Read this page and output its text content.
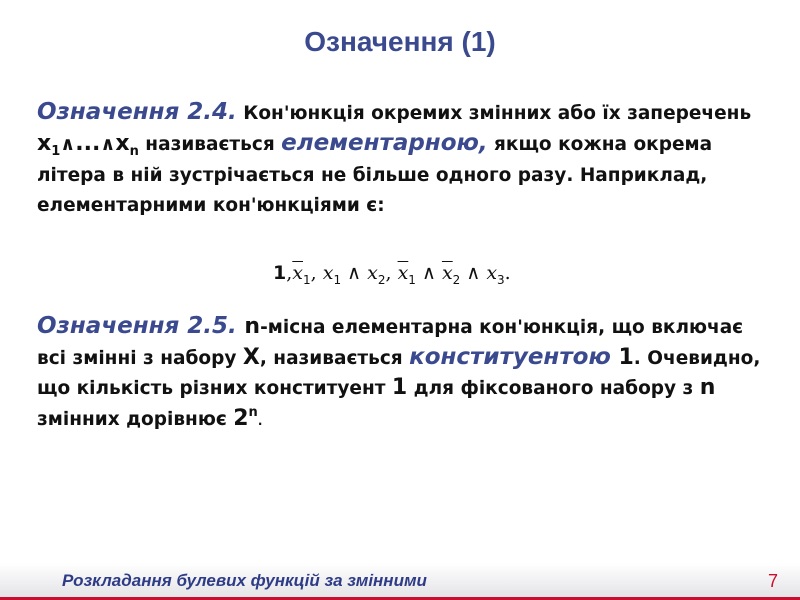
Означення (1)

Означення 2.4. Кон'юнкція окремих змінних або їх заперечень $x_1\wedge...\wedge x_n$ називається елементарною, якщо кожна окрема літера в ній зустрічається не більше одного разу. Наприклад, елементарними кон'юнкціями є:

$1,\overline{x}_1$, $x_1$ ∧ $x_2$, $\overline{x}_1$ ∧ $\overline{x}_2$ ∧ $x_3$.

Означення 2.5. n-місна елементарна кон'юнкція, що включає всі змінні з набору X, називається конституентою 1. Очевидно, що кількість різних конституент 1 для фіксованого набору з n змінних дорівнює 2$^n$.

Розкладання булевих функцій за змінними	7
